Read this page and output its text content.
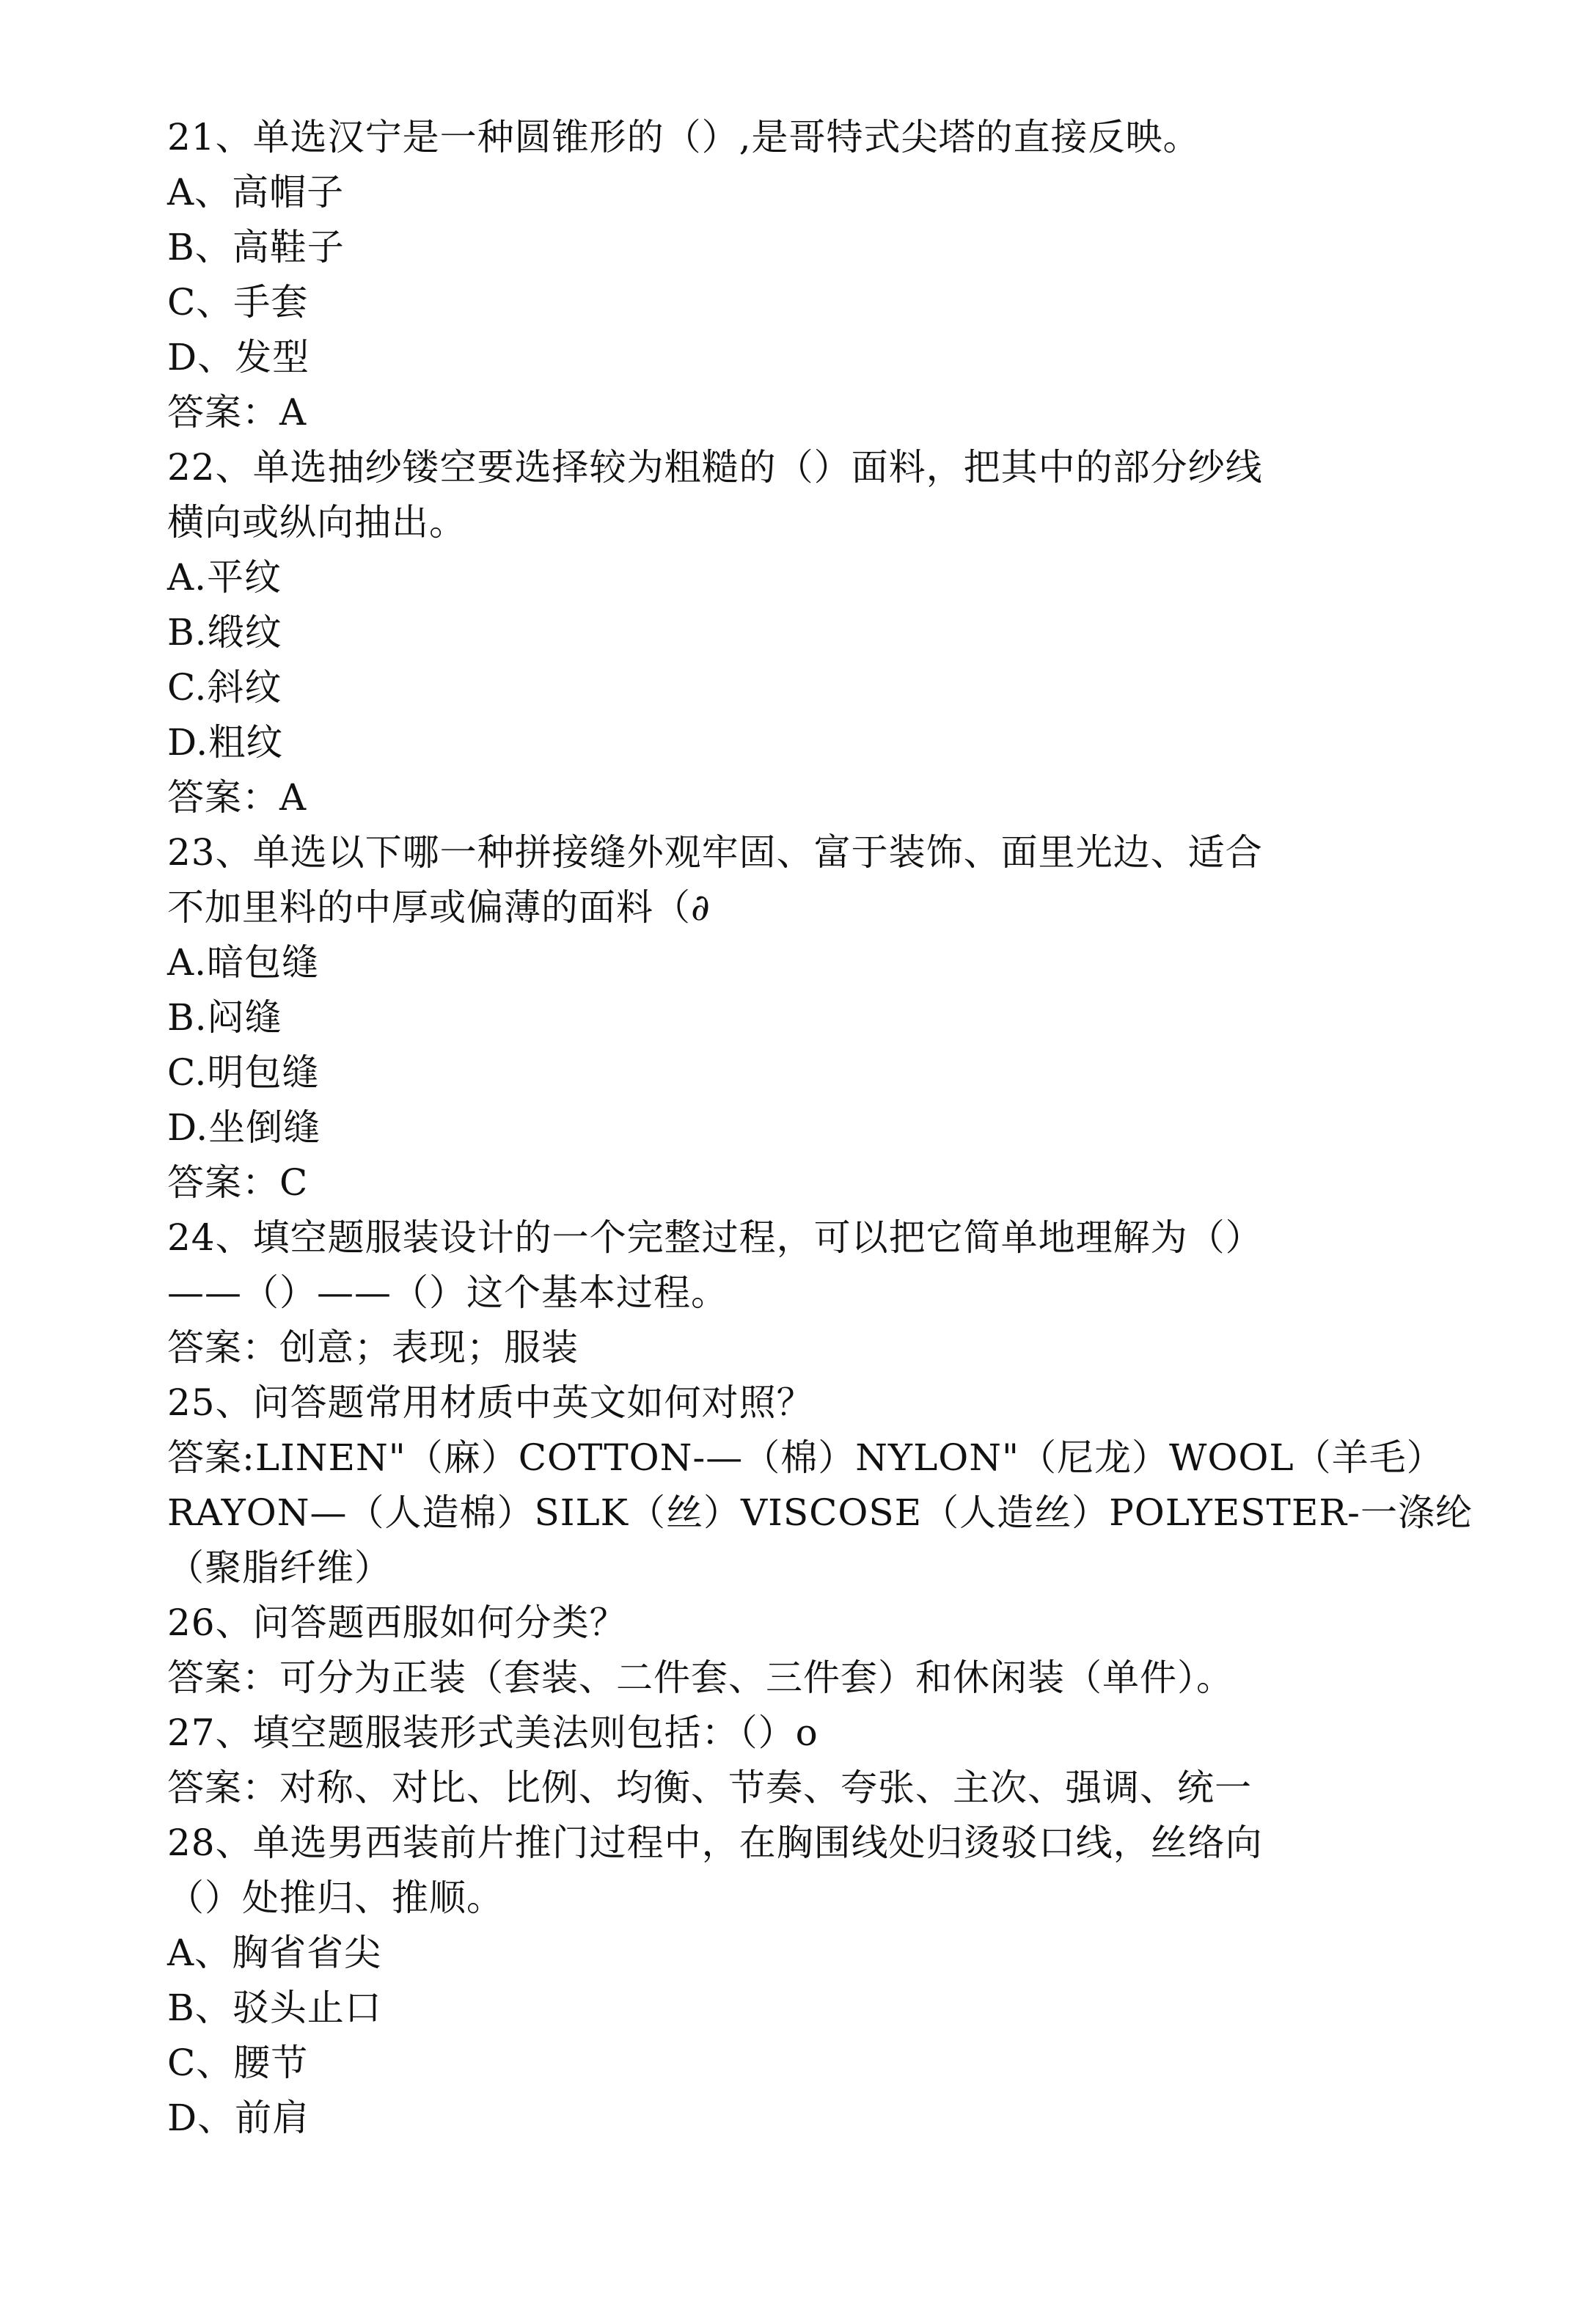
21、单选汉宁是一种圆锥形的（）,是哥特式尖塔的直接反映。
A、高帽子
B、高鞋子
C、手套
D、发型
答案：A
22、单选抽纱镂空要选择较为粗糙的（）面料，把其中的部分纱线
横向或纵向抽出。
A.平纹
B.缎纹
C.斜纹
D.粗纹
答案：A
23、单选以下哪一种拼接缝外观牢固、富于装饰、面里光边、适合
不加里料的中厚或偏薄的面料（∂
A.暗包缝
B.闷缝
C.明包缝
D.坐倒缝
答案：C
24、填空题服装设计的一个完整过程，可以把它简单地理解为（）
——（）——（）这个基本过程。
答案：创意；表现；服装
25、问答题常用材质中英文如何对照？
答案:LINEN"（麻）COTTON-—（棉）NYLON"（尼龙）WOOL（羊毛）
RAYON—（人造棉）SILK（丝）VISCOSE（人造丝）POLYESTER-一涤纶
（聚脂纤维）
26、问答题西服如何分类？
答案：可分为正装（套装、二件套、三件套）和休闲装（单件）。
27、填空题服装形式美法则包括：（）o
答案：对称、对比、比例、均衡、节奏、夸张、主次、强调、统一
28、单选男西装前片推门过程中，在胸围线处归烫驳口线，丝络向
（）处推归、推顺。
A、胸省省尖
B、驳头止口
C、腰节
D、前肩
